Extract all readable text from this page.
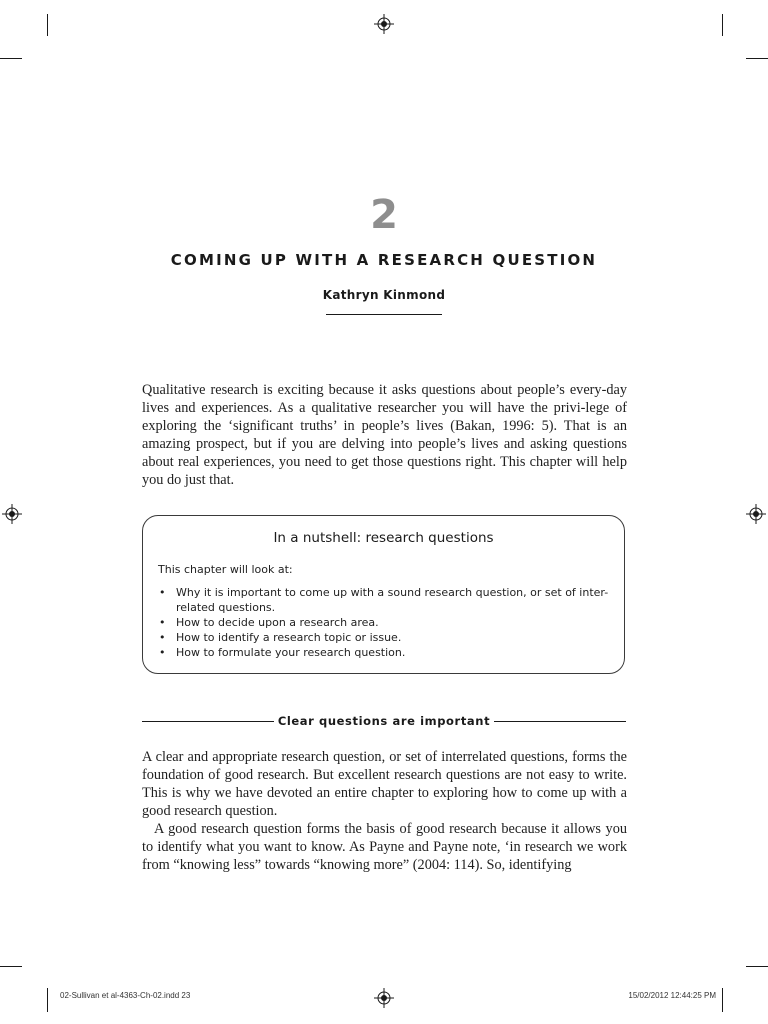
2
COMING UP WITH A RESEARCH QUESTION
Kathryn Kinmond

Qualitative research is exciting because it asks questions about people’s every-day lives and experiences. As a qualitative researcher you will have the privi-lege of exploring the ‘significant truths’ in people’s lives (Bakan, 1996: 5). That is an amazing prospect, but if you are delving into people’s lives and asking questions about real experiences, you need to get those questions right. This chapter will help you do just that.

In a nutshell: research questions
This chapter will look at:
• Why it is important to come up with a sound research question, or set of inter-related questions.
• How to decide upon a research area.
• How to identify a research topic or issue.
• How to formulate your research question.
Clear questions are important

A clear and appropriate research question, or set of interrelated questions, forms the foundation of good research. But excellent research questions are not easy to write. This is why we have devoted an entire chapter to exploring how to come up with a good research question.

A good research question forms the basis of good research because it allows you to identify what you want to know. As Payne and Payne note, ‘in research we work from “knowing less” towards “knowing more” (2004: 114). So, identifying

02-Sullivan et al-4363-Ch-02.indd 23	15/02/2012 12:44:25 PM
